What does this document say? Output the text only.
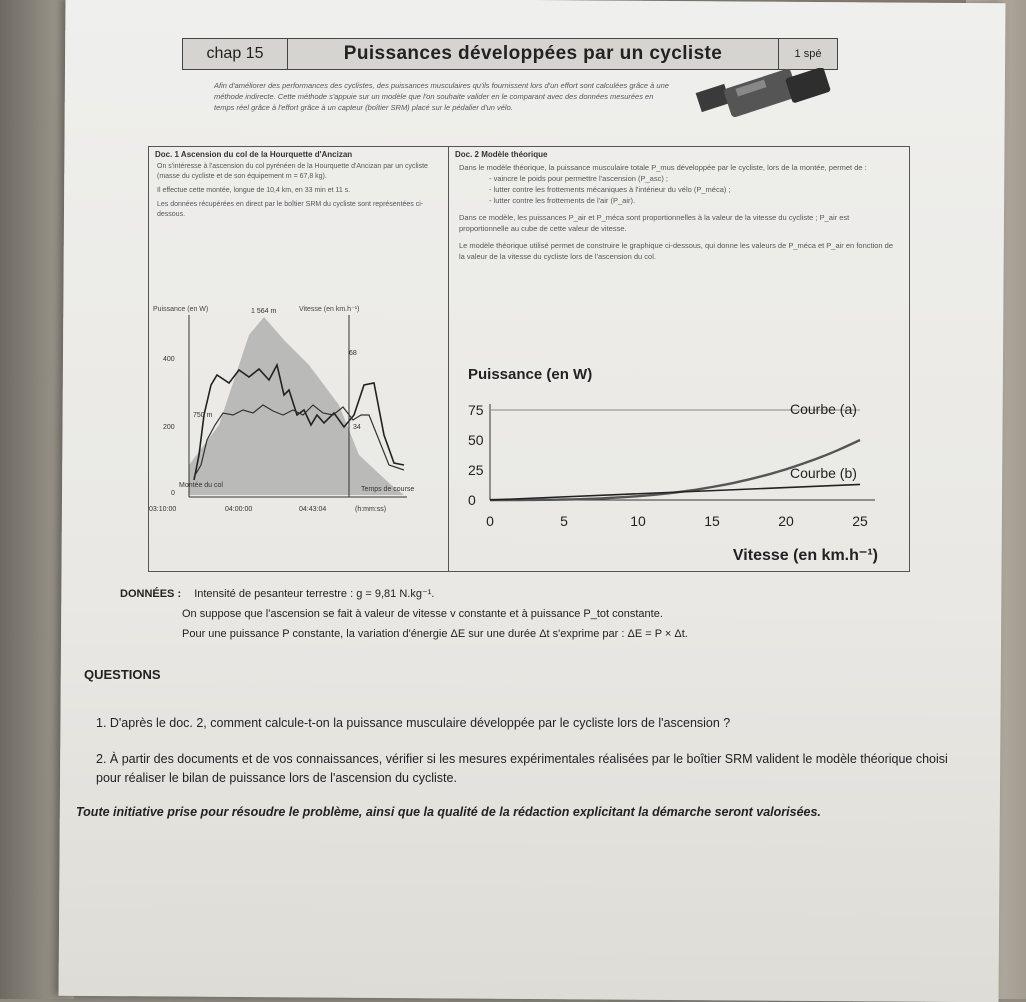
chap 15	Puissances développées par un cycliste	1 spé
Afin d'améliorer des performances des cyclistes, des puissances musculaires qu'ils fournissent lors d'un effort sont calculées grâce à une méthode indirecte. Cette méthode s'appuie sur un modèle que l'on souhaite valider en le comparant avec des données mesurées en temps réel grâce à l'effort grâce à un capteur (boîtier SRM) placé sur le pédalier d'un vélo.
Doc. 1 Ascension du col de la Hourquette d'Ancizan
On s'intéresse à l'ascension du col pyrénéen de la Hourquette d'Ancizan par un cycliste (masse du cycliste et de son équipement m = 67,8 kg).
Il effectue cette montée, longue de 10,4 km, en 33 min et 11 s.
Les données récupérées en direct par le boîtier SRM du cycliste sont représentées ci-dessous.
Puissance (en W)	Vitesse (en km.h⁻¹)
1 564 m
750 m
Montée du col
Temps de course
(h:mm:ss)
400
200
0
68
34
03:10:00	04:00:00	04:43:04
Doc. 2 Modèle théorique
Dans le modèle théorique, la puissance musculaire totale P_mus développée par le cycliste, lors de la montée, permet de :
- vaincre le poids pour permettre l'ascension (P_asc) ;
- lutter contre les frottements mécaniques à l'intérieur du vélo (P_méca) ;
- lutter contre les frottements de l'air (P_air).
Dans ce modèle, les puissances P_air et P_méca sont proportionnelles à la valeur de la vitesse du cycliste ; P_air est proportionnelle au cube de cette valeur de vitesse.
Le modèle théorique utilisé permet de construire le graphique ci-dessous, qui donne les valeurs de P_méca et P_air en fonction de la valeur de la vitesse du cycliste lors de l'ascension du col.
Puissance (en W)
0	5	10	15	20	25
0
25
50
75	Courbe (a)
Courbe (b)
Vitesse (en km.h⁻¹)
DONNÉES : Intensité de pesanteur terrestre : g = 9,81 N.kg⁻¹.
On suppose que l'ascension se fait à valeur de vitesse v constante et à puissance P_tot constante.
Pour une puissance P constante, la variation d'énergie ΔE sur une durée Δt s'exprime par : ΔE = P × Δt.
QUESTIONS
1. D'après le doc. 2, comment calcule-t-on la puissance musculaire développée par le cycliste lors de l'ascension ?
2. À partir des documents et de vos connaissances, vérifier si les mesures expérimentales réalisées par le boîtier SRM valident le modèle théorique choisi pour réaliser le bilan de puissance lors de l'ascension du cycliste.
Toute initiative prise pour résoudre le problème, ainsi que la qualité de la rédaction explicitant la démarche seront valorisées.
